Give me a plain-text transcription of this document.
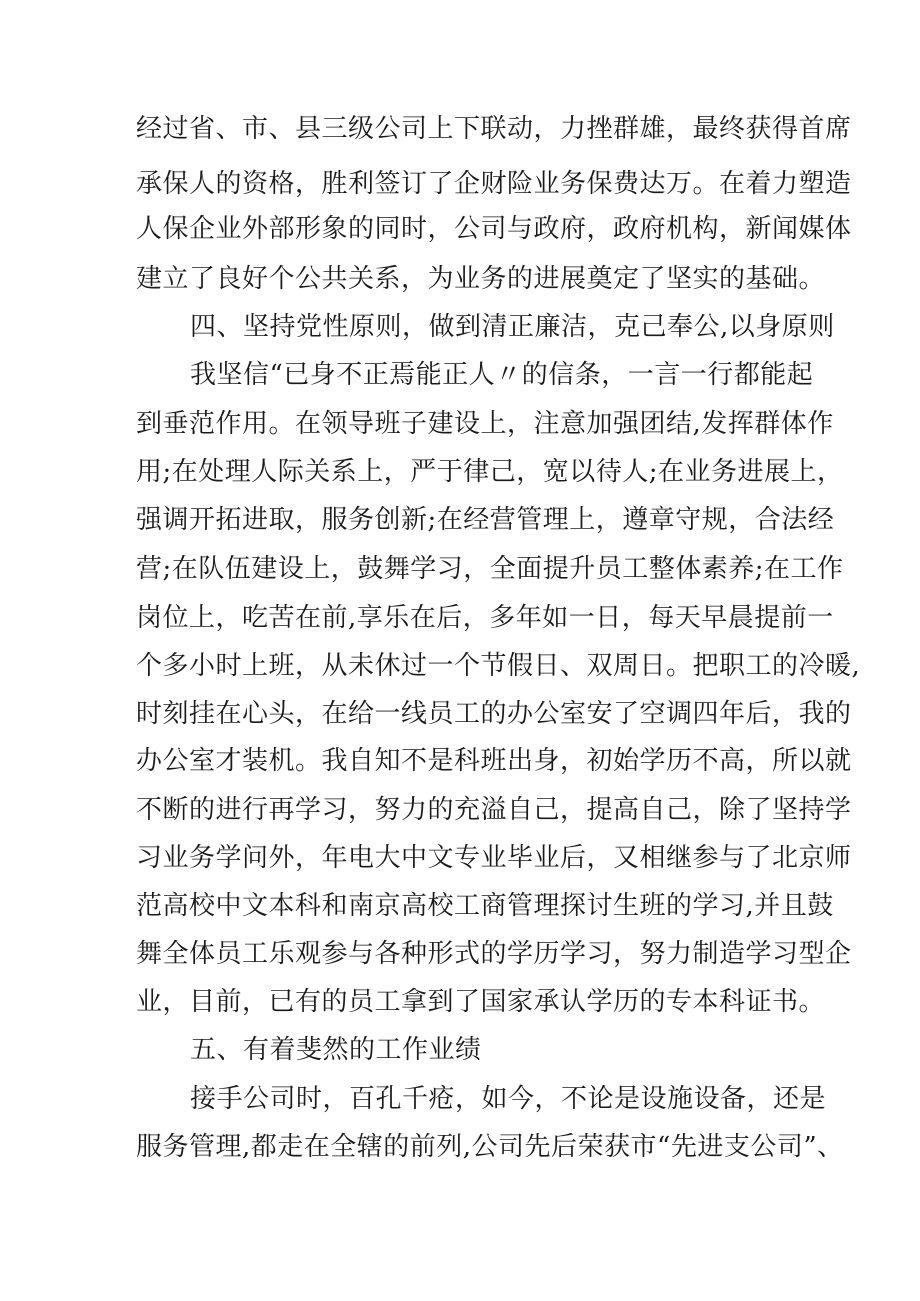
经过省、市、县三级公司上下联动，力挫群雄，最终获得首席
承保人的资格，胜利签订了企财险业务保费达万。在着力塑造
人保企业外部形象的同时，公司与政府，政府机构，新闻媒体
建立了良好个公共关系，为业务的进展奠定了坚实的基础。
四、坚持党性原则，做到清正廉洁，克己奉公,以身原则
我坚信“已身不正焉能正人〃的信条，一言一行都能起
到垂范作用。在领导班子建设上，注意加强团结,发挥群体作
用;在处理人际关系上，严于律己，宽以待人;在业务进展上，
强调开拓进取，服务创新;在经营管理上，遵章守规，合法经
营;在队伍建设上，鼓舞学习，全面提升员工整体素养;在工作
岗位上，吃苦在前,享乐在后，多年如一日，每天早晨提前一
个多小时上班，从未休过一个节假日、双周日。把职工的冷暖,
时刻挂在心头，在给一线员工的办公室安了空调四年后，我的
办公室才装机。我自知不是科班出身，初始学历不高，所以就
不断的进行再学习，努力的充溢自己，提高自己，除了坚持学
习业务学问外，年电大中文专业毕业后，又相继参与了北京师
范高校中文本科和南京高校工商管理探讨生班的学习,并且鼓
舞全体员工乐观参与各种形式的学历学习，努力制造学习型企
业，目前，已有的员工拿到了国家承认学历的专本科证书。
五、有着斐然的工作业绩
接手公司时，百孔千疮，如今，不论是设施设备，还是
服务管理,都走在全辖的前列,公司先后荣获市“先进支公司”、
